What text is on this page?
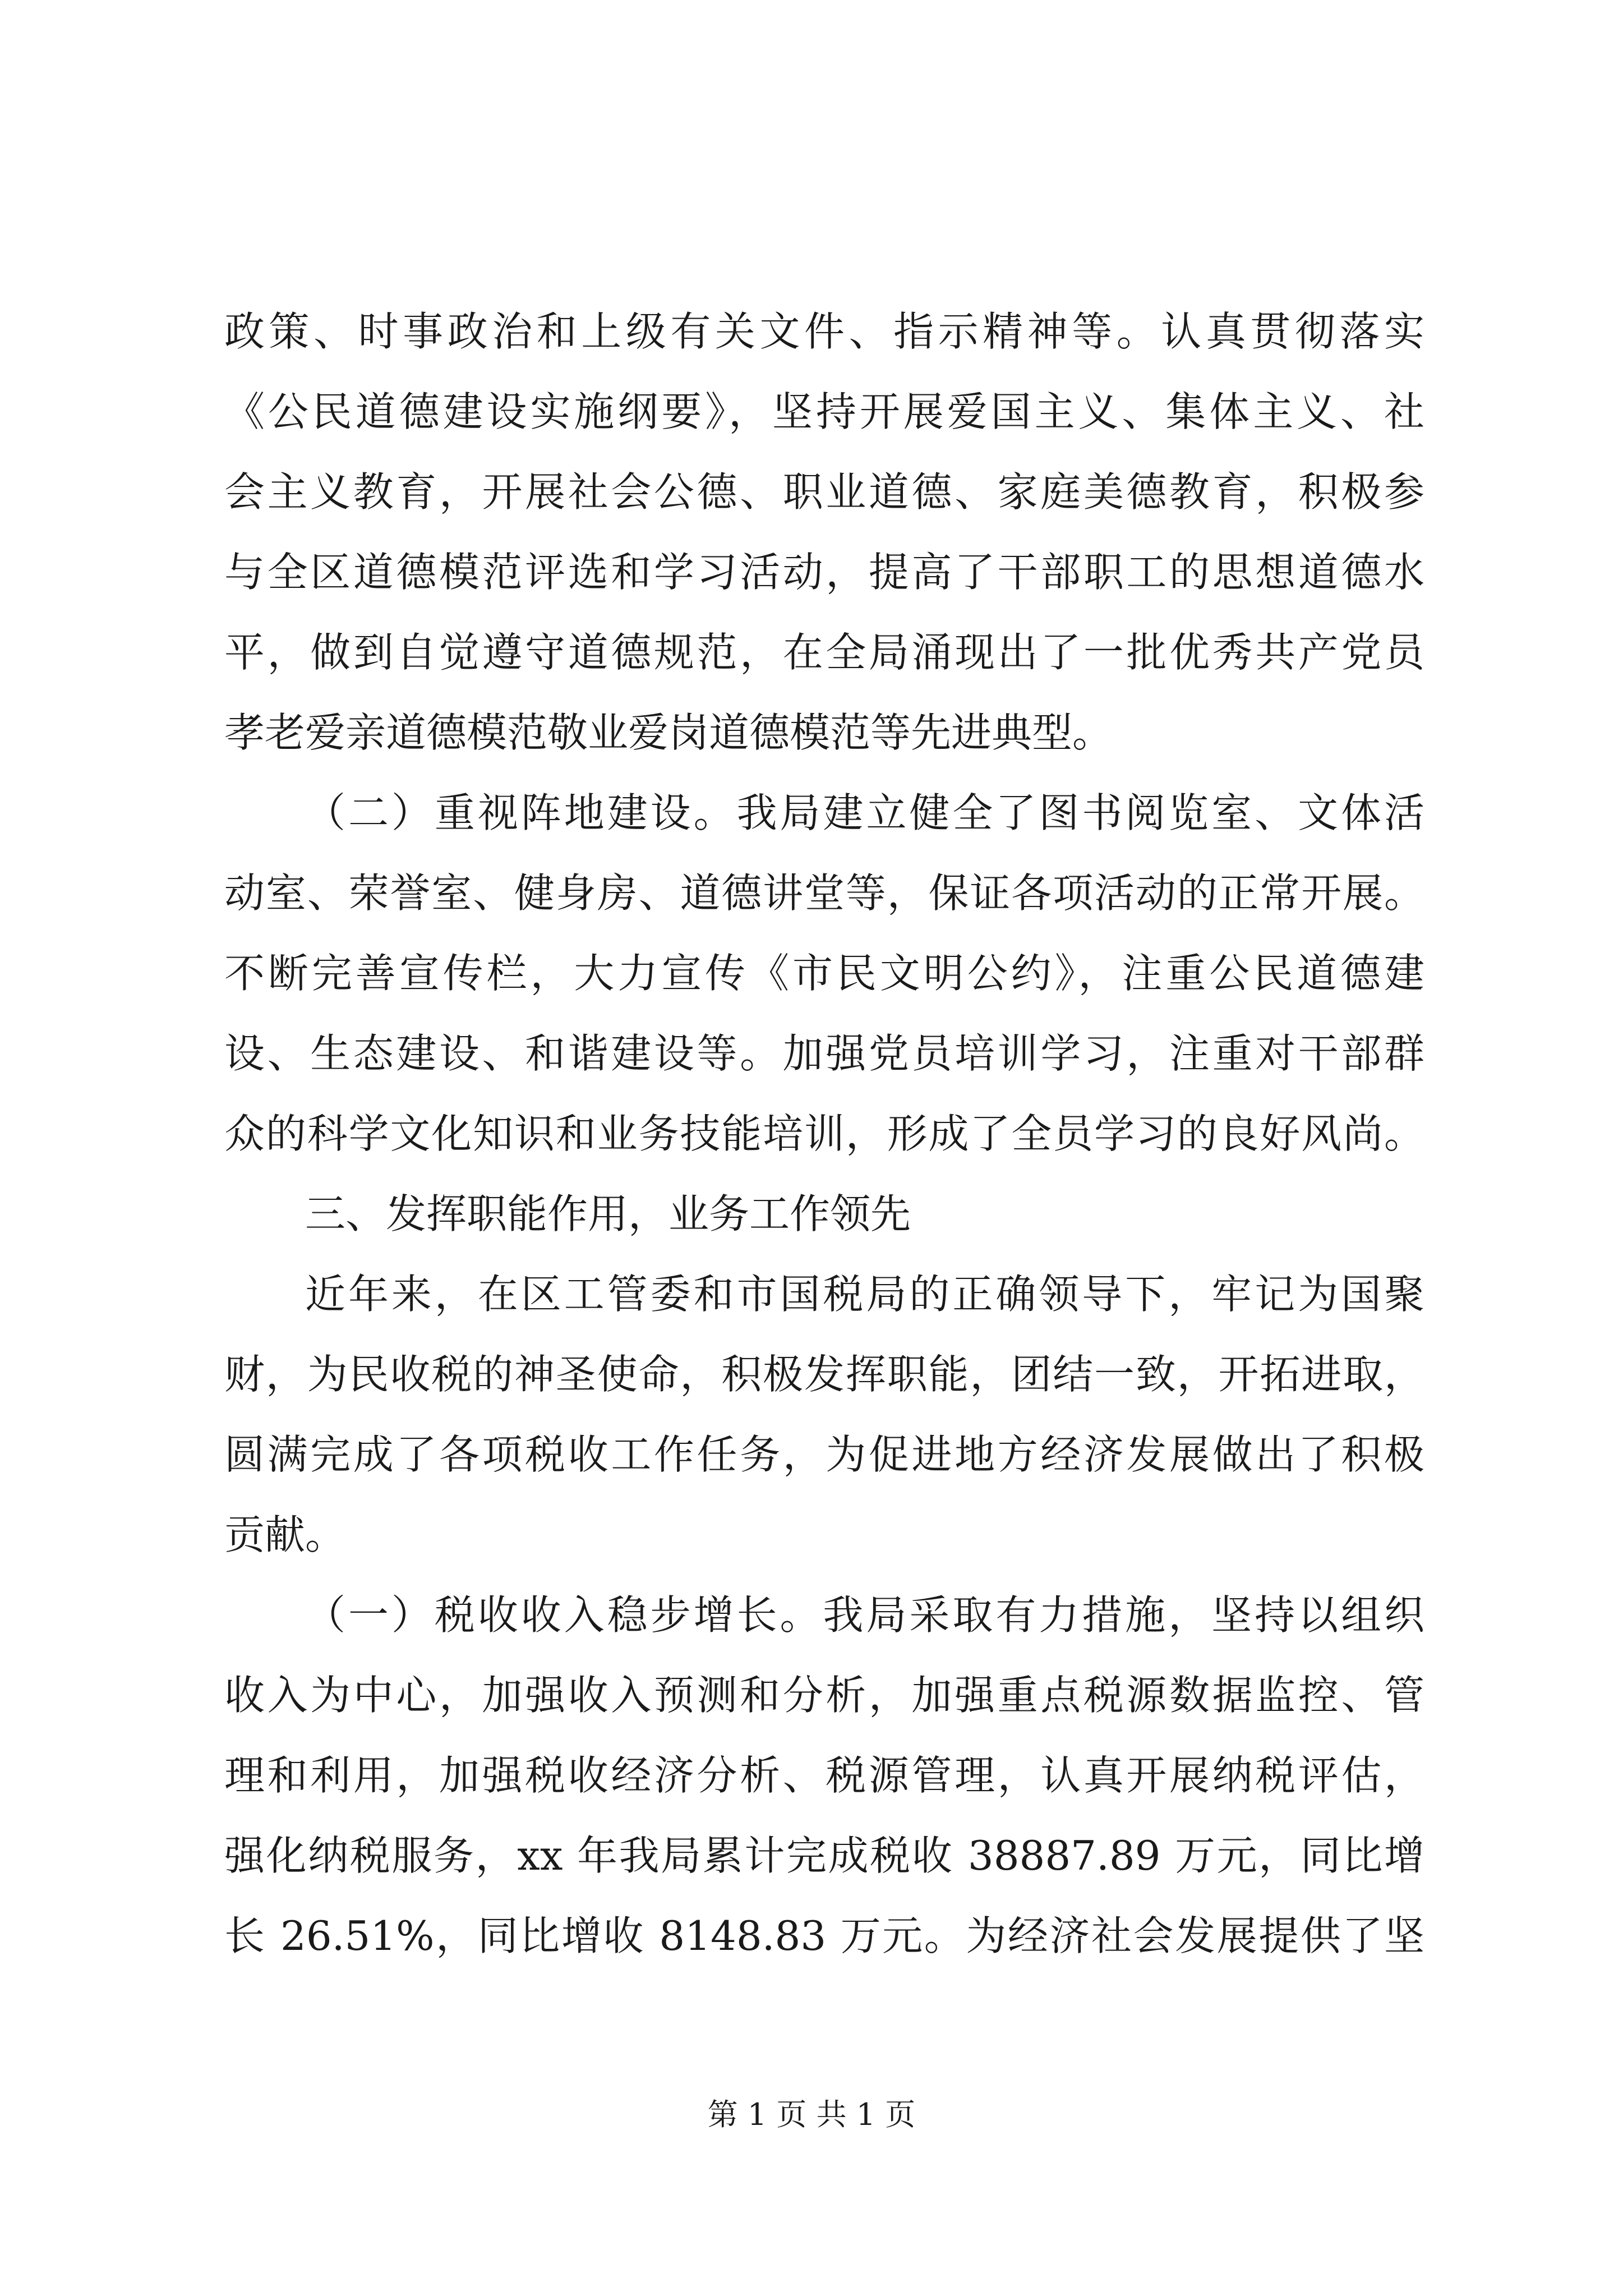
政策、时事政治和上级有关文件、指示精神等。认真贯彻落实
《公民道德建设实施纲要》，坚持开展爱国主义、集体主义、社
会主义教育，开展社会公德、职业道德、家庭美德教育，积极参
与全区道德模范评选和学习活动，提高了干部职工的思想道德水
平，做到自觉遵守道德规范，在全局涌现出了一批优秀共产党员
孝老爱亲道德模范敬业爱岗道德模范等先进典型。
（二）重视阵地建设。我局建立健全了图书阅览室、文体活
动室、荣誉室、健身房、道德讲堂等，保证各项活动的正常开展。
不断完善宣传栏，大力宣传《市民文明公约》，注重公民道德建
设、生态建设、和谐建设等。加强党员培训学习，注重对干部群
众的科学文化知识和业务技能培训，形成了全员学习的良好风尚。
三、发挥职能作用，业务工作领先
近年来，在区工管委和市国税局的正确领导下，牢记为国聚
财，为民收税的神圣使命，积极发挥职能，团结一致，开拓进取，
圆满完成了各项税收工作任务，为促进地方经济发展做出了积极
贡献。
（一）税收收入稳步增长。我局采取有力措施，坚持以组织
收入为中心，加强收入预测和分析，加强重点税源数据监控、管
理和利用，加强税收经济分析、税源管理，认真开展纳税评估，
强化纳税服务，xx 年我局累计完成税收 38887.89 万元，同比增
长 26.51%，同比增收 8148.83 万元。为经济社会发展提供了坚
第 1 页 共 1 页
